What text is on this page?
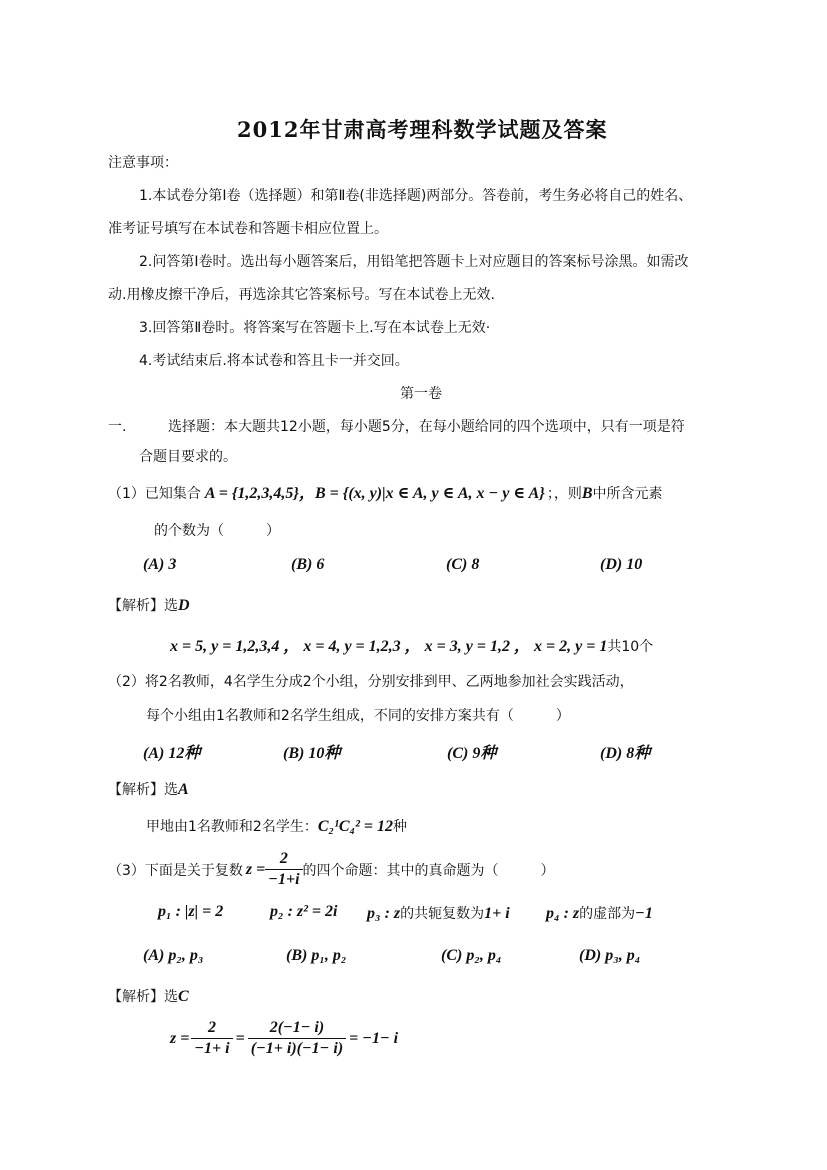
2012年甘肃高考理科数学试题及答案
注意事项：
1.本试卷分第Ⅰ卷（选择题）和第Ⅱ卷(非选择题)两部分。答卷前，考生务必将自己的姓名、
准考证号填写在本试卷和答题卡相应位置上。
2.问答第Ⅰ卷时。选出每小题答案后，用铅笔把答题卡上对应题目的答案标号涂黑。如需改
动.用橡皮擦干净后，再选涂其它答案标号。写在本试卷上无效.
3.回答第Ⅱ卷时。将答案写在答题卡上.写在本试卷上无效·
4.考试结束后.将本试卷和答且卡一并交回。
第一卷
一.	选择题：本大题共12小题，每小题5分，在每小题给同的四个选项中，只有一项是符
合题目要求的。
（1）已知集合 A = {1,2,3,4,5} ，B = {(x, y)|x ∈ A, y ∈ A, x − y ∈ A} ；，则 B 中所含元素
的个数为（　　　）
(A) 3	(B) 6	(C) 8	(D) 10
【解析】选 D
x = 5, y = 1,2,3,4 ， x = 4, y = 1,2,3 ， x = 3, y = 1,2 ， x = 2, y = 1 共10个
（2）将2名教师，4名学生分成2个小组，分别安排到甲、乙两地参加社会实践活动，
每个小组由1名教师和2名学生组成，不同的安排方案共有（　　　）
(A) 12种	(B) 10种	(C) 9种	(D) 8种
【解析】选 A
甲地由1名教师和2名学生： C₂¹C₄² = 12 种
（3）下面是关于复数 $z = \frac{2}{-1+i}$ 的四个命题：其中的真命题为（　　　）
p₁ : |z| = 2	p₂ : z² = 2i p₃ : z 的共轭复数为 1+ i p₄ : z 的虚部为 −1
(A) p₂, p₃	(B) p₁, p₂	(C) p₂, p₄	(D) p₃, p₄
【解析】选 C
$z = \frac{2}{-1+ i} = \frac{2(-1- i)}{(-1+ i)(-1- i)} = -1- i$
